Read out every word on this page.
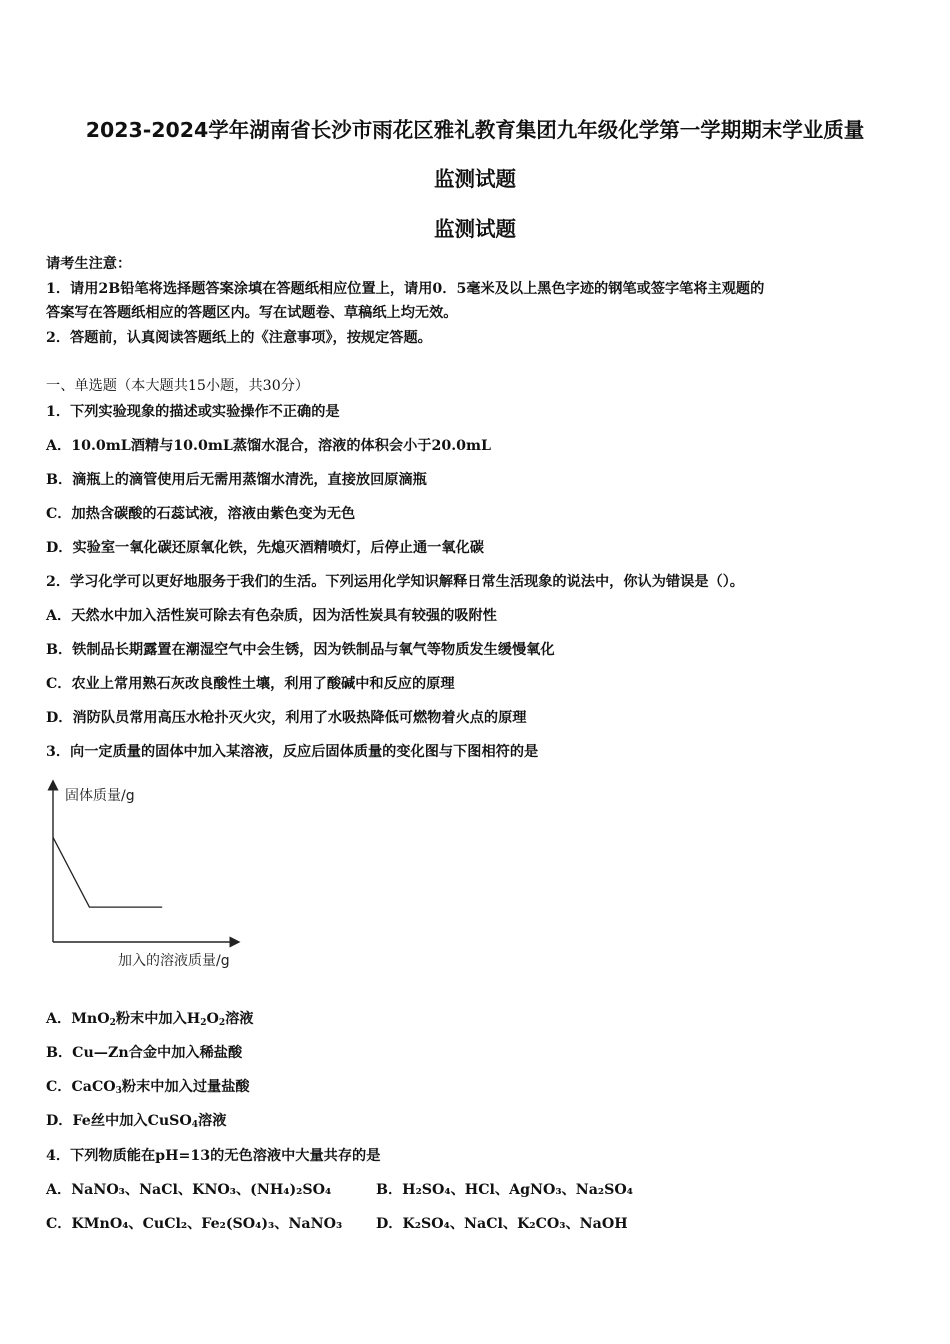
2023-2024学年湖南省长沙市雨花区雅礼教育集团九年级化学第一学期期末学业质量
监测试题
监测试题
请考生注意：
1．请用2B铅笔将选择题答案涂填在答题纸相应位置上，请用0．5毫米及以上黑色字迹的钢笔或签字笔将主观题的
答案写在答题纸相应的答题区内。写在试题卷、草稿纸上均无效。
2．答题前，认真阅读答题纸上的《注意事项》，按规定答题。
一、单选题（本大题共15小题，共30分）
1．下列实验现象的描述或实验操作不正确的是
A．10.0mL酒精与10.0mL蒸馏水混合，溶液的体积会小于20.0mL
B．滴瓶上的滴管使用后无需用蒸馏水清洗，直接放回原滴瓶
C．加热含碳酸的石蕊试液，溶液由紫色变为无色
D．实验室一氧化碳还原氧化铁，先熄灭酒精喷灯，后停止通一氧化碳
2．学习化学可以更好地服务于我们的生活。下列运用化学知识解释日常生活现象的说法中，你认为错误是（）。
A．天然水中加入活性炭可除去有色杂质，因为活性炭具有较强的吸附性
B．铁制品长期露置在潮湿空气中会生锈，因为铁制品与氧气等物质发生缓慢氧化
C．农业上常用熟石灰改良酸性土壤，利用了酸碱中和反应的原理
D．消防队员常用高压水枪扑灭火灾，利用了水吸热降低可燃物着火点的原理
3．向一定质量的固体中加入某溶液，反应后固体质量的变化图与下图相符的是
固体质量/g
加入的溶液质量/g
A．MnO$_2$粉末中加入$H_2O_2$溶液
B．Cu—Zn合金中加入稀盐酸
C．CaCO$_3$粉末中加入过量盐酸
D．Fe丝中加入CuSO$_4$溶液
4．下列物质能在pH=13的无色溶液中大量共存的是
A．NaNO₃、NaCl、KNO₃、(NH₄)₂SO₄	B．H₂SO₄、HCl、AgNO₃、Na₂SO₄
C．KMnO₄、CuCl₂、Fe₂(SO₄)₃、NaNO₃ D．K₂SO₄、NaCl、K₂CO₃、NaOH
